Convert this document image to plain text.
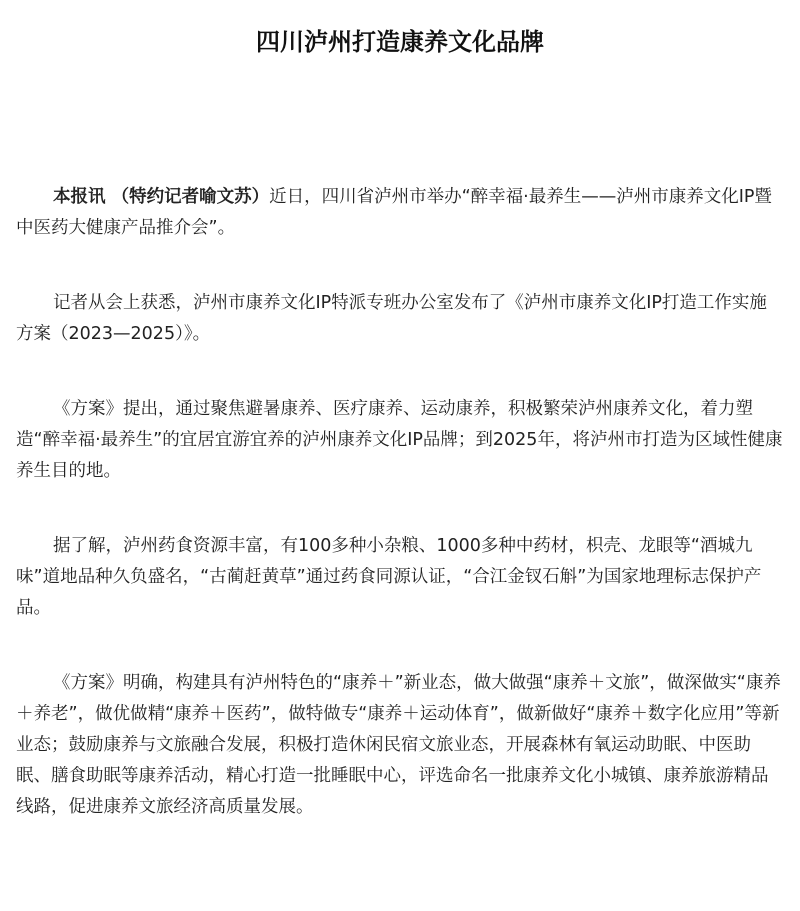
四川泸州打造康养文化品牌

本报讯 （特约记者喻文苏）近日，四川省泸州市举办“醉幸福·最养生——泸州市康养文化IP暨中医药大健康产品推介会”。

记者从会上获悉，泸州市康养文化IP特派专班办公室发布了《泸州市康养文化IP打造工作实施方案（2023—2025）》。

《方案》提出，通过聚焦避暑康养、医疗康养、运动康养，积极繁荣泸州康养文化，着力塑造“醉幸福·最养生”的宜居宜游宜养的泸州康养文化IP品牌；到2025年，将泸州市打造为区域性健康养生目的地。

据了解，泸州药食资源丰富，有100多种小杂粮、1000多种中药材，枳壳、龙眼等“酒城九味”道地品种久负盛名，“古蔺赶黄草”通过药食同源认证，“合江金钗石斛”为国家地理标志保护产品。

《方案》明确，构建具有泸州特色的“康养＋”新业态，做大做强“康养＋文旅”，做深做实“康养＋养老”，做优做精“康养＋医药”，做特做专“康养＋运动体育”，做新做好“康养＋数字化应用”等新业态；鼓励康养与文旅融合发展，积极打造休闲民宿文旅业态，开展森林有氧运动助眠、中医助眠、膳食助眠等康养活动，精心打造一批睡眠中心，评选命名一批康养文化小城镇、康养旅游精品线路，促进康养文旅经济高质量发展。
